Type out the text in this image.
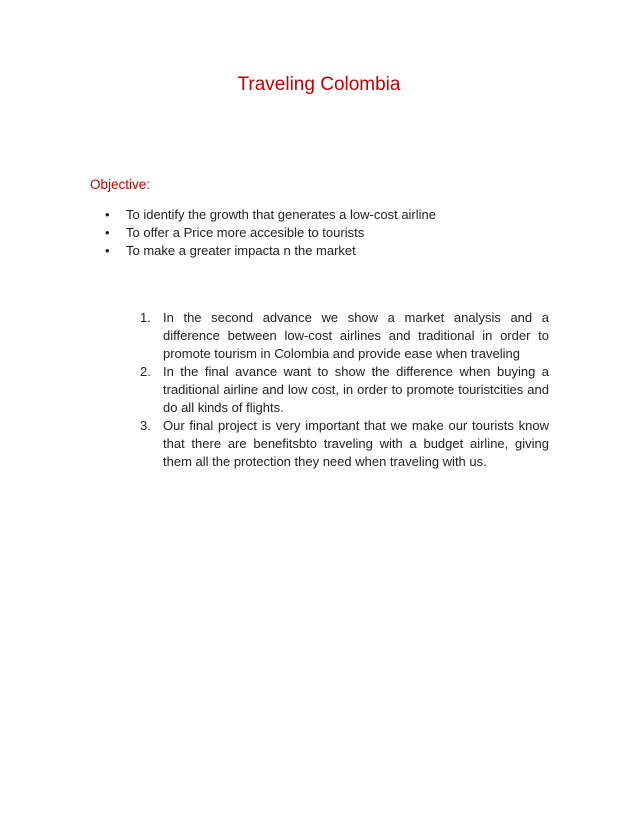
Traveling Colombia

Objective:

• To identify the growth that generates a low-cost airline
• To offer a Price more accesible to tourists
• To make a greater impacta n the market
1. In the second advance we show a market analysis and a difference between low-cost airlines and traditional in order to promote tourism in Colombia and provide ease when traveling
2. In the final avance want to show the difference when buying a traditional airline and low cost, in order to promote touristcities and do all kinds of flights.
3. Our final project is very important that we make our tourists know that there are benefitsbto traveling with a budget airline, giving them all the protection they need when traveling with us.
